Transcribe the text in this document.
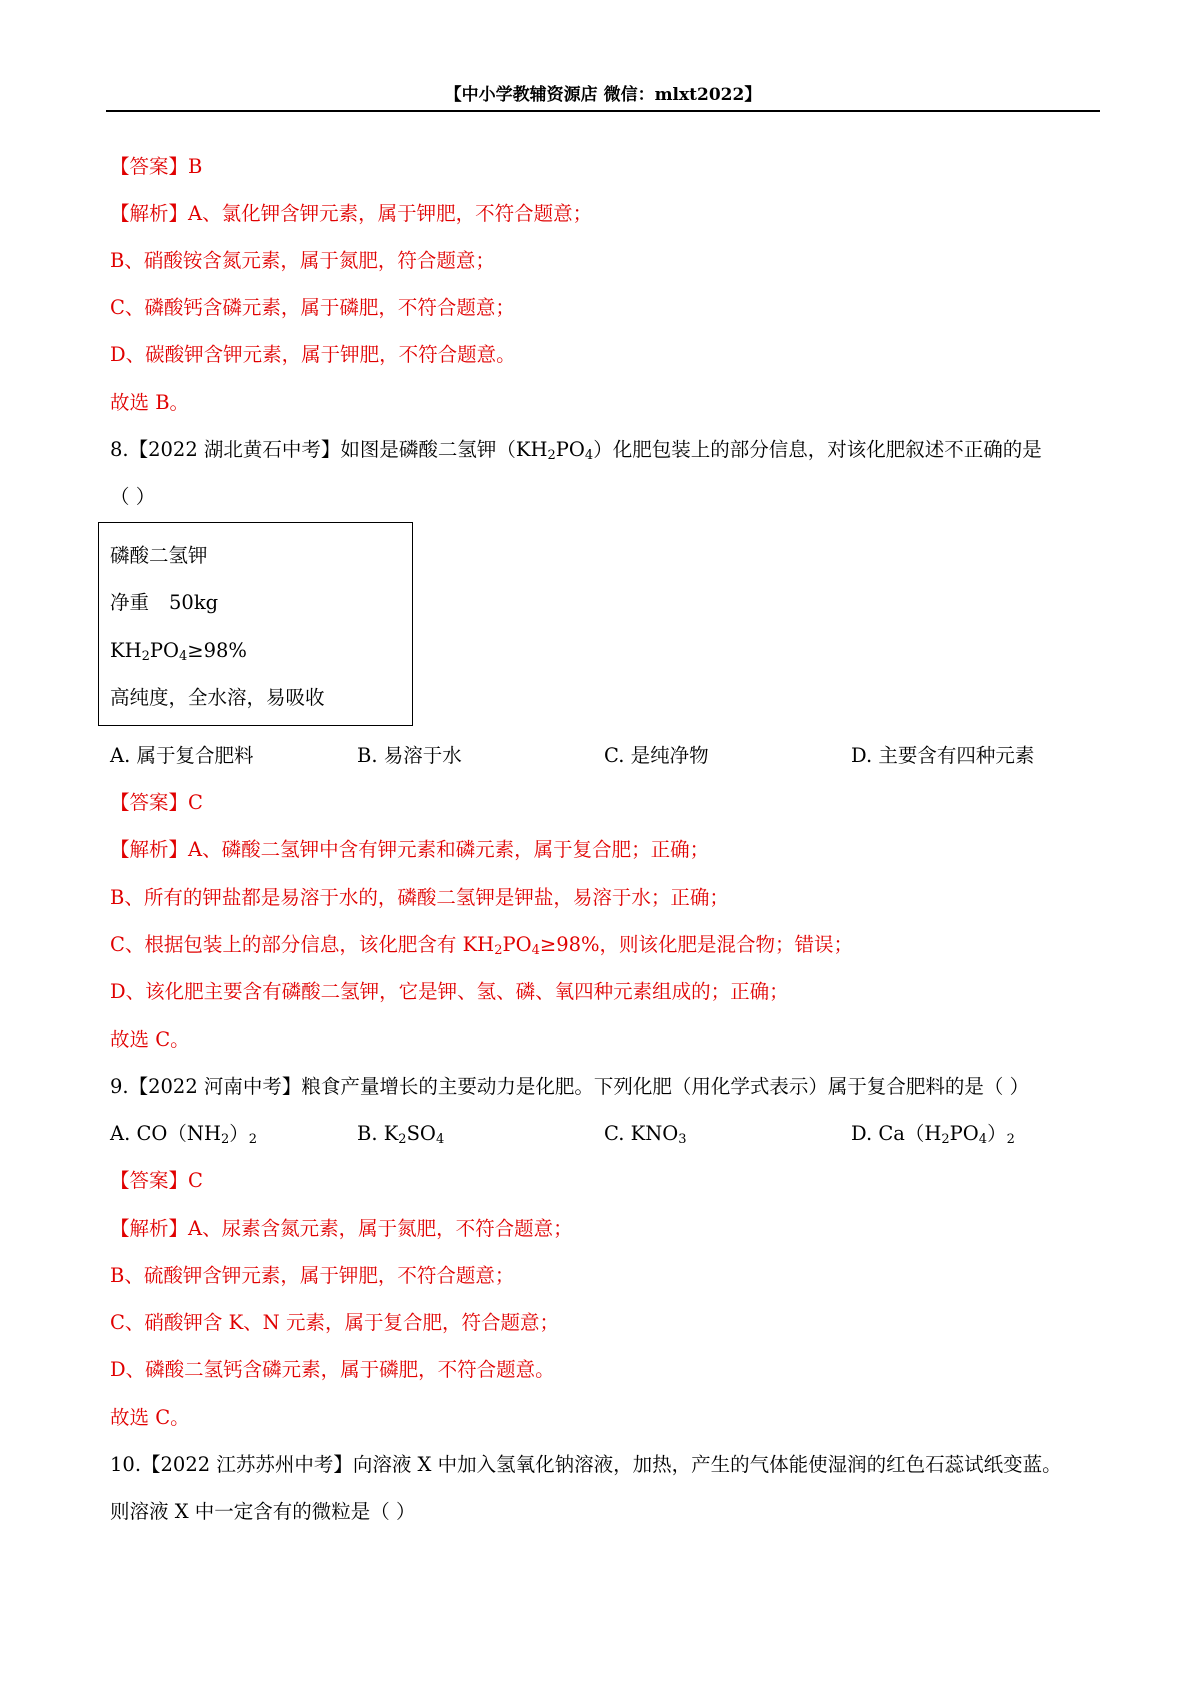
【中小学教辅资源店 微信：mlxt2022】
【答案】B
【解析】A、氯化钾含钾元素，属于钾肥，不符合题意；
B、硝酸铵含氮元素，属于氮肥，符合题意；
C、磷酸钙含磷元素，属于磷肥，不符合题意；
D、碳酸钾含钾元素，属于钾肥，不符合题意。
故选 B。
8.【2022 湖北黄石中考】如图是磷酸二氢钾$(KH_2PO_4)$化肥包装上的部分信息，对该化肥叙述不正确的是
（ ）
磷酸二氢钾
净重 50kg
$KH_2PO_4\ge 98\%$
高纯度，全水溶，易吸收
A. 属于复合肥料	B. 易溶于水	C. 是纯净物	D. 主要含有四种元素
【答案】C
【解析】A、磷酸二氢钾中含有钾元素和磷元素，属于复合肥；正确；
B、所有的钾盐都是易溶于水的，磷酸二氢钾是钾盐，易溶于水；正确；
C、根据包装上的部分信息，该化肥含有 $KH_2PO_4\ge 98\%$，则该化肥是混合物；错误；
D、该化肥主要含有磷酸二氢钾，它是钾、氢、磷、氧四种元素组成的；正确；
故选 C。
9.【2022 河南中考】粮食产量增长的主要动力是化肥。下列化肥（用化学式表示）属于复合肥料的是（ ）
A. $CO(NH_2)_2$	B. $K_2SO_4$	C. $KNO_3$	D. $Ca(H_2PO_4)_2$
【答案】C
【解析】A、尿素含氮元素，属于氮肥，不符合题意；
B、硫酸钾含钾元素，属于钾肥，不符合题意；
C、硝酸钾含 K、N 元素，属于复合肥，符合题意；
D、磷酸二氢钙含磷元素，属于磷肥，不符合题意。
故选 C。
10.【2022 江苏苏州中考】向溶液 X 中加入氢氧化钠溶液，加热，产生的气体能使湿润的红色石蕊试纸变蓝。
则溶液 X 中一定含有的微粒是（ ）
